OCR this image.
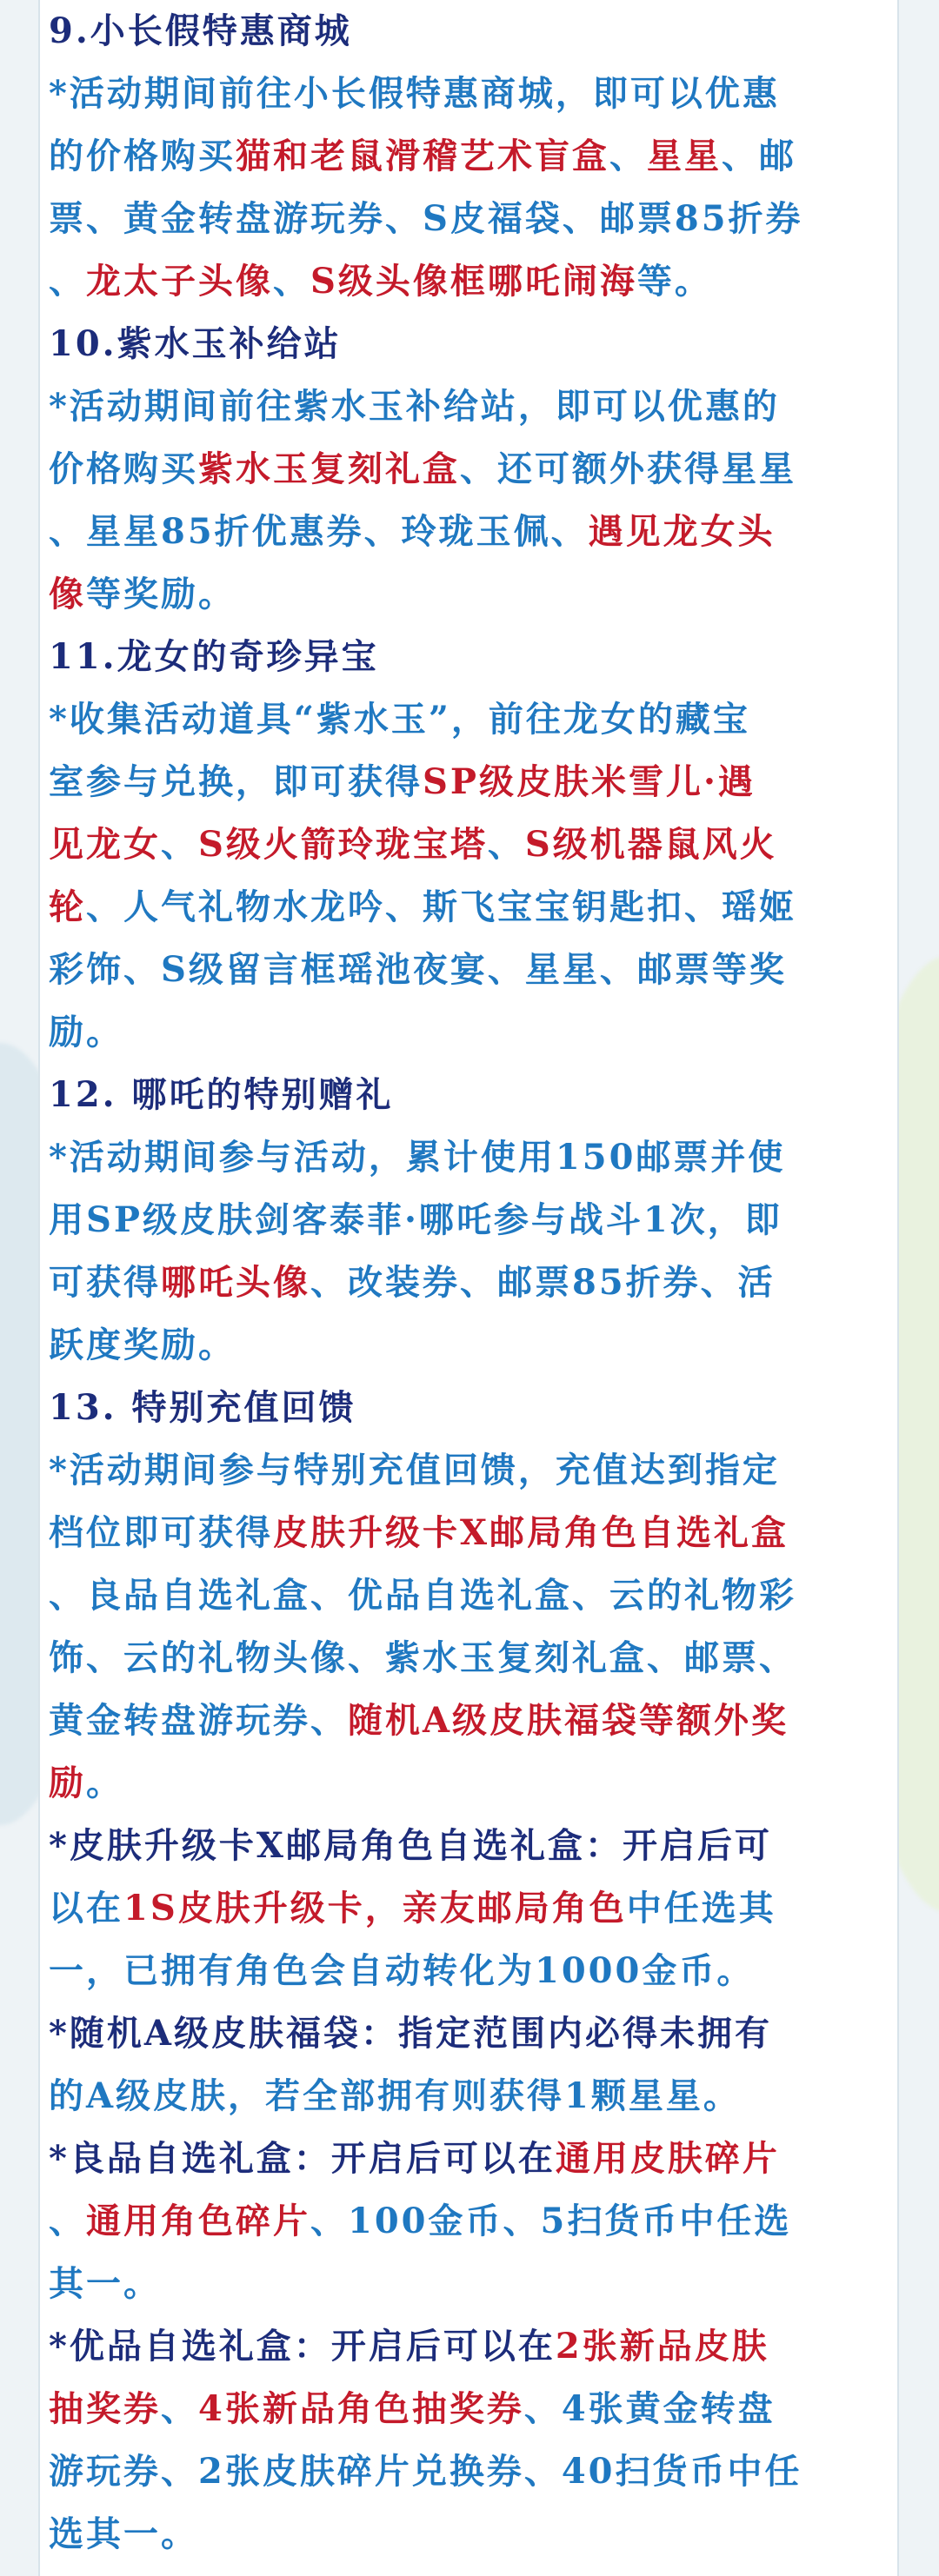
9.小长假特惠商城
*活动期间前往小长假特惠商城，即可以优惠
的价格购买猫和老鼠滑稽艺术盲盒、星星、邮
票、黄金转盘游玩券、S皮福袋、邮票85折券
、龙太子头像、S级头像框哪吒闹海等。
10.紫水玉补给站
*活动期间前往紫水玉补给站，即可以优惠的
价格购买紫水玉复刻礼盒、还可额外获得星星
、星星85折优惠券、玲珑玉佩、遇见龙女头
像等奖励。
11.龙女的奇珍异宝
*收集活动道具“紫水玉”，前往龙女的藏宝
室参与兑换，即可获得SP级皮肤米雪儿·遇
见龙女、S级火箭玲珑宝塔、S级机器鼠风火
轮、人气礼物水龙吟、斯飞宝宝钥匙扣、瑶姬
彩饰、S级留言框瑶池夜宴、星星、邮票等奖
励。
12. 哪吒的特别赠礼
*活动期间参与活动，累计使用150邮票并使
用SP级皮肤剑客泰菲·哪吒参与战斗1次，即
可获得哪吒头像、改装券、邮票85折券、活
跃度奖励。
13. 特别充值回馈
*活动期间参与特别充值回馈，充值达到指定
档位即可获得皮肤升级卡X邮局角色自选礼盒
、良品自选礼盒、优品自选礼盒、云的礼物彩
饰、云的礼物头像、紫水玉复刻礼盒、邮票、
黄金转盘游玩券、随机A级皮肤福袋等额外奖
励。
*皮肤升级卡X邮局角色自选礼盒：开启后可
以在1S皮肤升级卡，亲友邮局角色中任选其
一，已拥有角色会自动转化为1000金币。
*随机A级皮肤福袋：指定范围内必得未拥有
的A级皮肤，若全部拥有则获得1颗星星。
*良品自选礼盒：开启后可以在通用皮肤碎片
、通用角色碎片、100金币、5扫货币中任选
其一。
*优品自选礼盒：开启后可以在2张新品皮肤
抽奖券、4张新品角色抽奖券、4张黄金转盘
游玩券、2张皮肤碎片兑换券、40扫货币中任
选其一。
